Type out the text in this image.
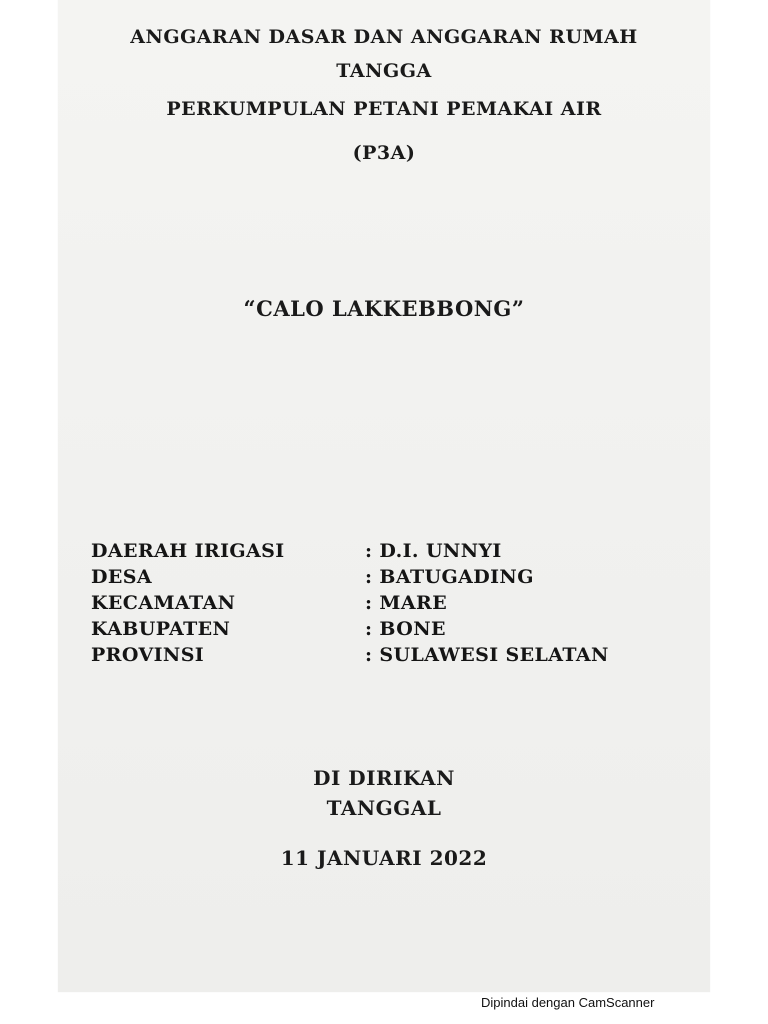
ANGGARAN DASAR DAN ANGGARAN RUMAH
TANGGA
PERKUMPULAN PETANI PEMAKAI AIR
(P3A)
“CALO LAKKEBBONG”
DAERAH IRIGASI	: D.I. UNNYI
DESA	: BATUGADING
KECAMATAN	: MARE
KABUPATEN	: BONE
PROVINSI	: SULAWESI SELATAN
DI DIRIKAN
TANGGAL
11 JANUARI 2022
Dipindai dengan CamScanner
